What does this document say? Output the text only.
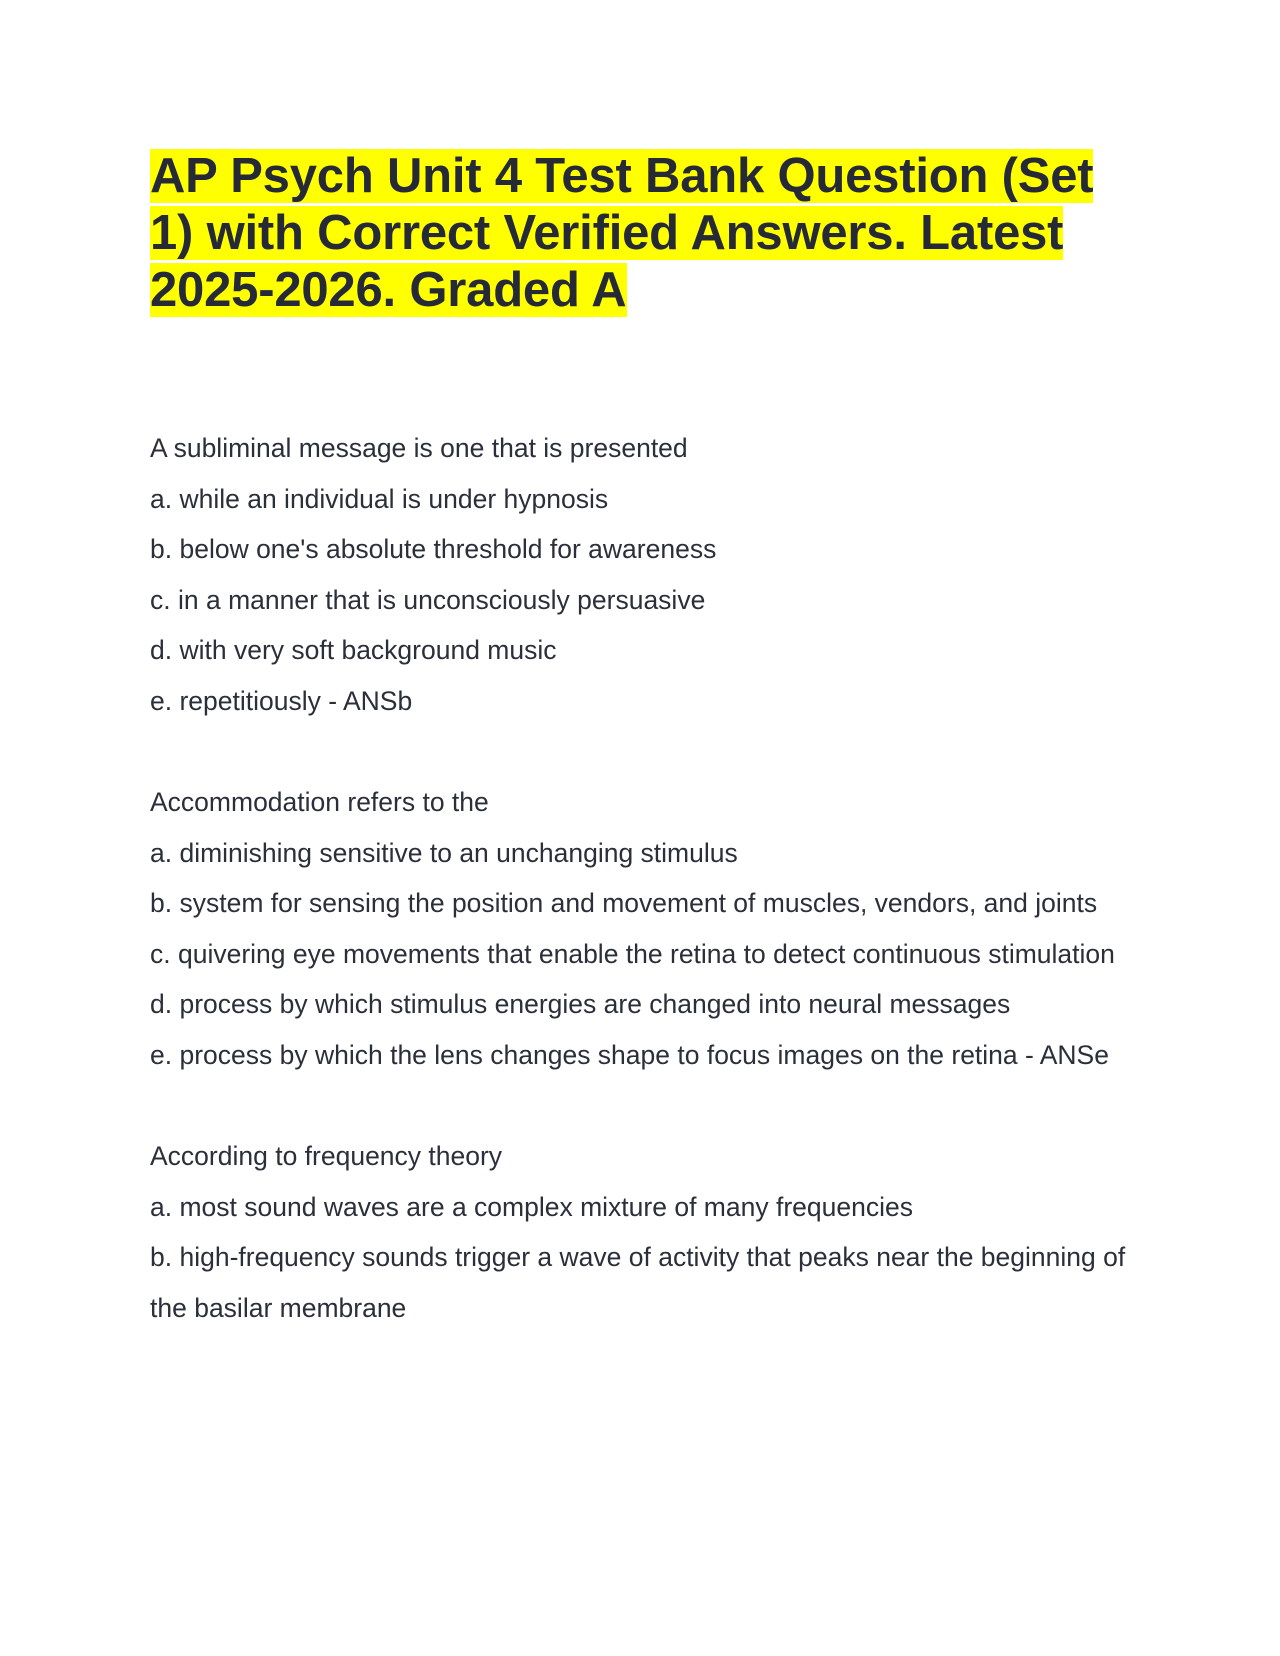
AP Psych Unit 4 Test Bank Question (Set 1) with Correct Verified Answers. Latest 2025-2026. Graded A

A subliminal message is one that is presented

a. while an individual is under hypnosis

b. below one's absolute threshold for awareness

c. in a manner that is unconsciously persuasive

d. with very soft background music

e. repetitiously - ANSb

Accommodation refers to the

a. diminishing sensitive to an unchanging stimulus

b. system for sensing the position and movement of muscles, vendors, and joints

c. quivering eye movements that enable the retina to detect continuous stimulation

d. process by which stimulus energies are changed into neural messages

e. process by which the lens changes shape to focus images on the retina - ANSe

According to frequency theory

a. most sound waves are a complex mixture of many frequencies

b. high-frequency sounds trigger a wave of activity that peaks near the beginning of the basilar membrane
